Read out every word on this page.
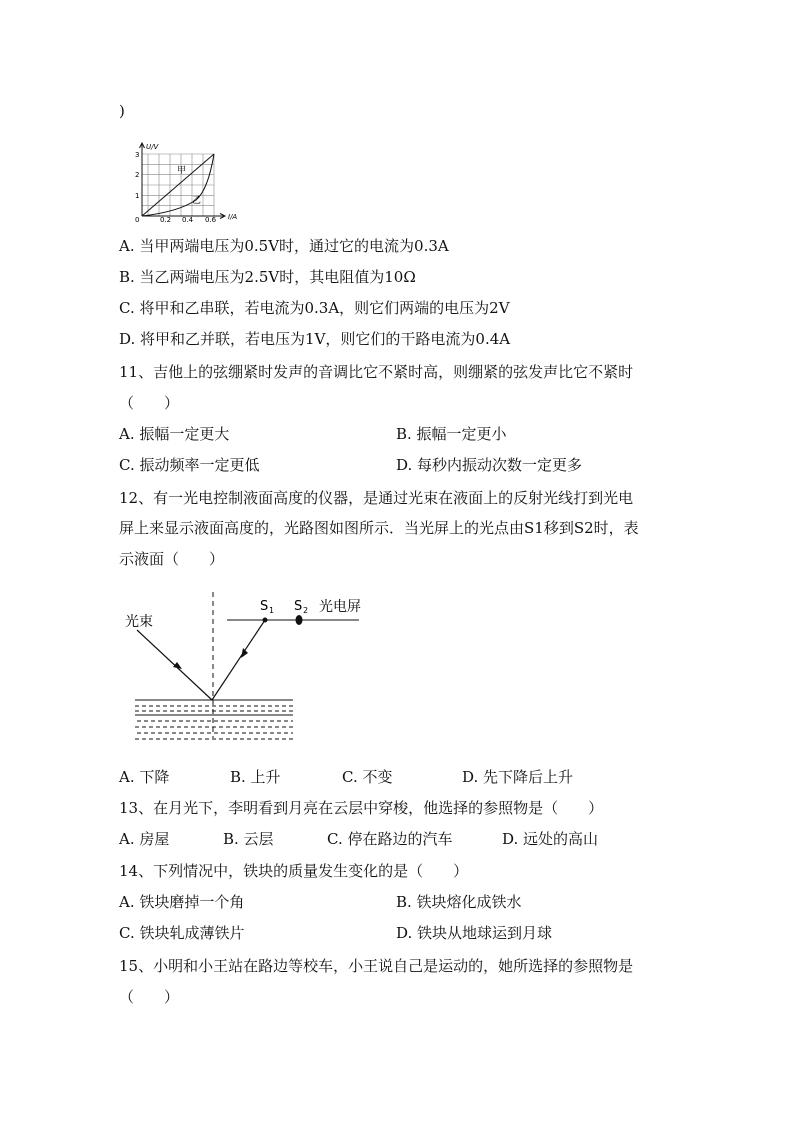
)
U/V
I/A
0
1
2
3
0.2 0.4 0.6
甲
乙
A. 当甲两端电压为0.5V时，通过它的电流为0.3A
B. 当乙两端电压为2.5V时，其电阻值为10Ω
C. 将甲和乙串联，若电流为0.3A，则它们两端的电压为2V
D. 将甲和乙并联，若电压为1V，则它们的干路电流为0.4A
11、吉他上的弦绷紧时发声的音调比它不紧时高，则绷紧的弦发声比它不紧时
（　　）
A. 振幅一定更大	B. 振幅一定更小
C. 振动频率一定更低	D. 每秒内振动次数一定更多
12、有一光电控制液面高度的仪器，是通过光束在液面上的反射光线打到光电
屏上来显示液面高度的，光路图如图所示．当光屏上的光点由S1移到S2时，表
示液面（　　）
光束
S 1 S 2 光电屏
A. 下降	B. 上升	C. 不变	D. 先下降后上升
13、在月光下，李明看到月亮在云层中穿梭，他选择的参照物是（　　）
A. 房屋	B. 云层	C. 停在路边的汽车	D. 远处的高山
14、下列情况中，铁块的质量发生变化的是（　　）
A. 铁块磨掉一个角	B. 铁块熔化成铁水
C. 铁块轧成薄铁片	D. 铁块从地球运到月球
15、小明和小王站在路边等校车，小王说自己是运动的，她所选择的参照物是
（　　）
